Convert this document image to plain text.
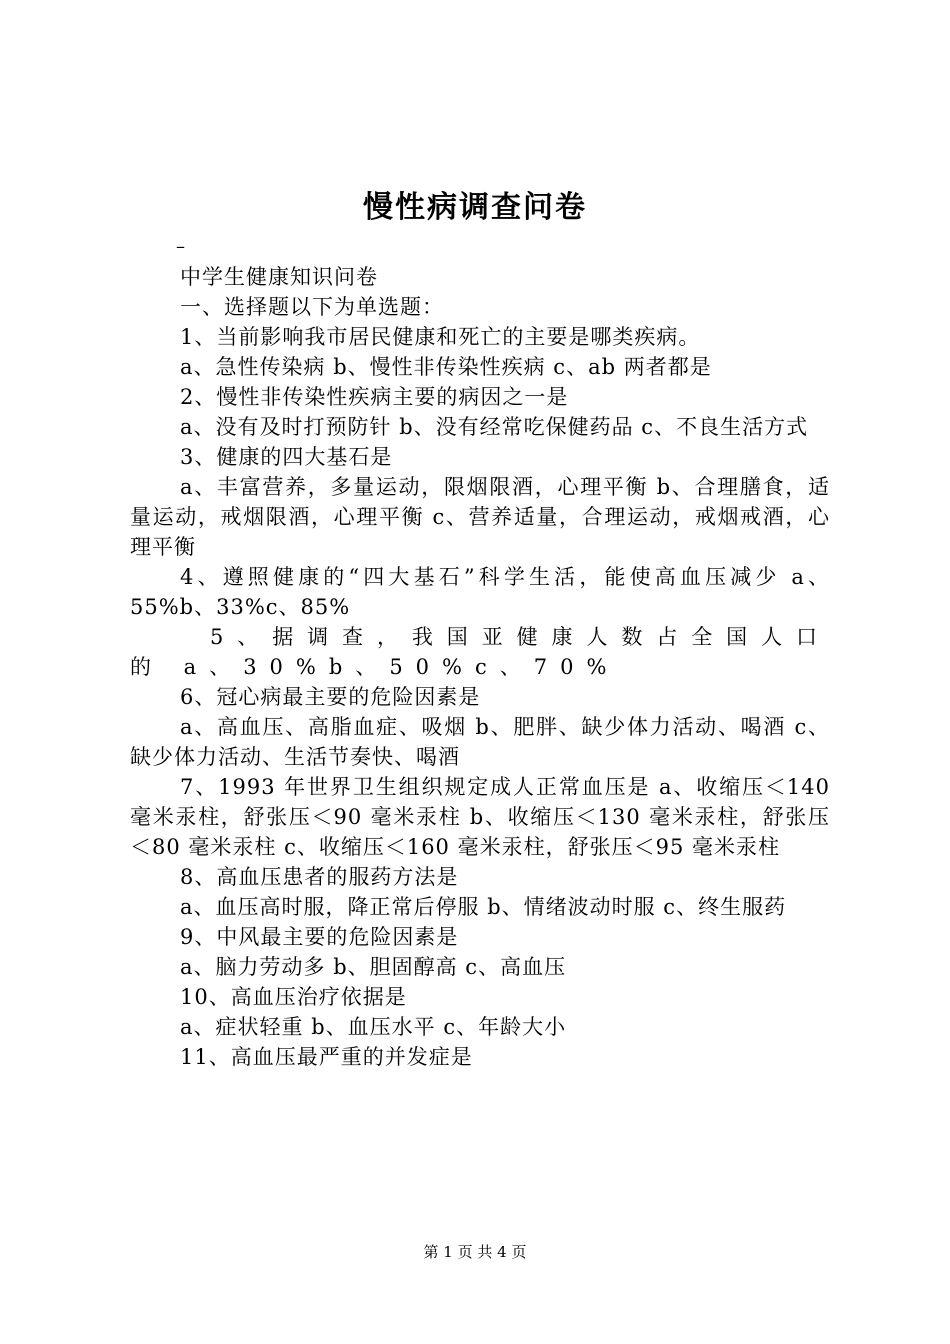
慢性病调查问卷
–

中学生健康知识问卷

一、选择题以下为单选题：

1、当前影响我市居民健康和死亡的主要是哪类疾病。

a、急性传染病 b、慢性非传染性疾病 c、ab 两者都是

2、慢性非传染性疾病主要的病因之一是

a、没有及时打预防针 b、没有经常吃保健药品 c、不良生活方式

3、健康的四大基石是

a、丰富营养，多量运动，限烟限酒，心理平衡 b、合理膳食，适量运动，戒烟限酒，心理平衡 c、营养适量，合理运动，戒烟戒酒，心理平衡

4、遵照健康的“四大基石”科学生活，能使高血压减少 a、55%b、33%c、85%

5、据调查，我国亚健康人数占全国人口的 a、30%b、50%c、70%

6、冠心病最主要的危险因素是

a、高血压、高脂血症、吸烟 b、肥胖、缺少体力活动、喝酒 c、缺少体力活动、生活节奏快、喝酒

7、1993 年世界卫生组织规定成人正常血压是 a、收缩压＜140 毫米汞柱，舒张压＜90 毫米汞柱 b、收缩压＜130 毫米汞柱，舒张压＜80 毫米汞柱 c、收缩压＜160 毫米汞柱，舒张压＜95 毫米汞柱

8、高血压患者的服药方法是

a、血压高时服，降正常后停服 b、情绪波动时服 c、终生服药

9、中风最主要的危险因素是

a、脑力劳动多 b、胆固醇高 c、高血压

10、高血压治疗依据是

a、症状轻重 b、血压水平 c、年龄大小

11、高血压最严重的并发症是

第 1 页 共 4 页
